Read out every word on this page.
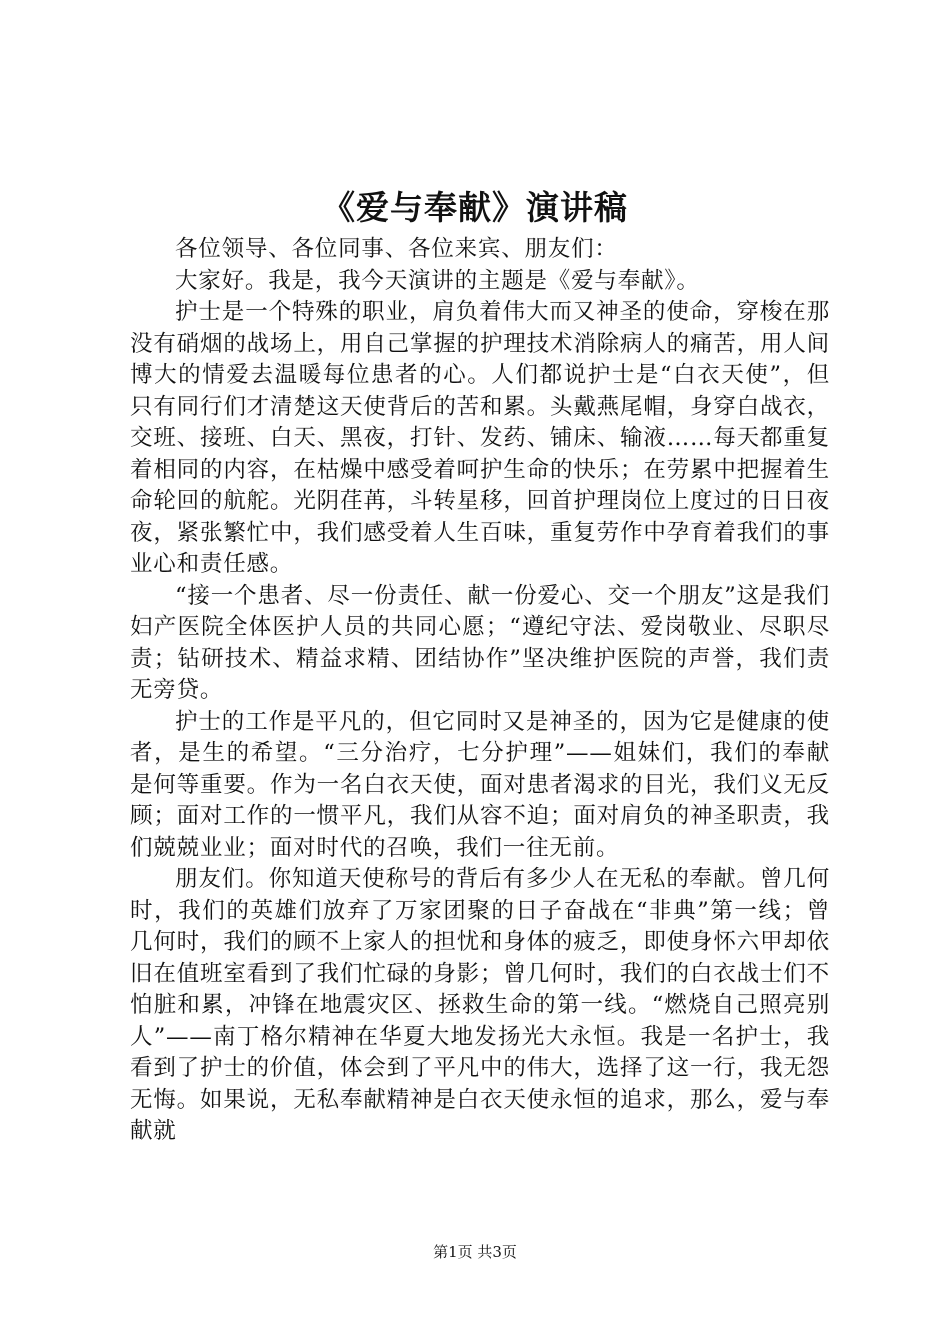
《爱与奉献》演讲稿

各位领导、各位同事、各位来宾、朋友们：

大家好。我是，我今天演讲的主题是《爱与奉献》。

护士是一个特殊的职业，肩负着伟大而又神圣的使命，穿梭在那没有硝烟的战场上，用自己掌握的护理技术消除病人的痛苦，用人间博大的情爱去温暖每位患者的心。人们都说护士是“白衣天使”，但只有同行们才清楚这天使背后的苦和累。头戴燕尾帽，身穿白战衣，交班、接班、白天、黑夜，打针、发药、铺床、输液……每天都重复着相同的内容，在枯燥中感受着呵护生命的快乐；在劳累中把握着生命轮回的航舵。光阴荏苒，斗转星移，回首护理岗位上度过的日日夜夜，紧张繁忙中，我们感受着人生百味，重复劳作中孕育着我们的事业心和责任感。

“接一个患者、尽一份责任、献一份爱心、交一个朋友”这是我们妇产医院全体医护人员的共同心愿；“遵纪守法、爱岗敬业、尽职尽责；钻研技术、精益求精、团结协作”坚决维护医院的声誉，我们责无旁贷。

护士的工作是平凡的，但它同时又是神圣的，因为它是健康的使者，是生的希望。“三分治疗，七分护理”——姐妹们，我们的奉献是何等重要。作为一名白衣天使，面对患者渴求的目光，我们义无反顾；面对工作的一惯平凡，我们从容不迫；面对肩负的神圣职责，我们兢兢业业；面对时代的召唤，我们一往无前。

朋友们。你知道天使称号的背后有多少人在无私的奉献。曾几何时，我们的英雄们放弃了万家团聚的日子奋战在“非典”第一线；曾几何时，我们的顾不上家人的担忧和身体的疲乏，即使身怀六甲却依旧在值班室看到了我们忙碌的身影；曾几何时，我们的白衣战士们不怕脏和累，冲锋在地震灾区、拯救生命的第一线。“燃烧自己照亮别人”——南丁格尔精神在华夏大地发扬光大永恒。我是一名护士，我看到了护士的价值，体会到了平凡中的伟大，选择了这一行，我无怨无悔。如果说，无私奉献精神是白衣天使永恒的追求，那么，爱与奉献就

第1页 共3页
